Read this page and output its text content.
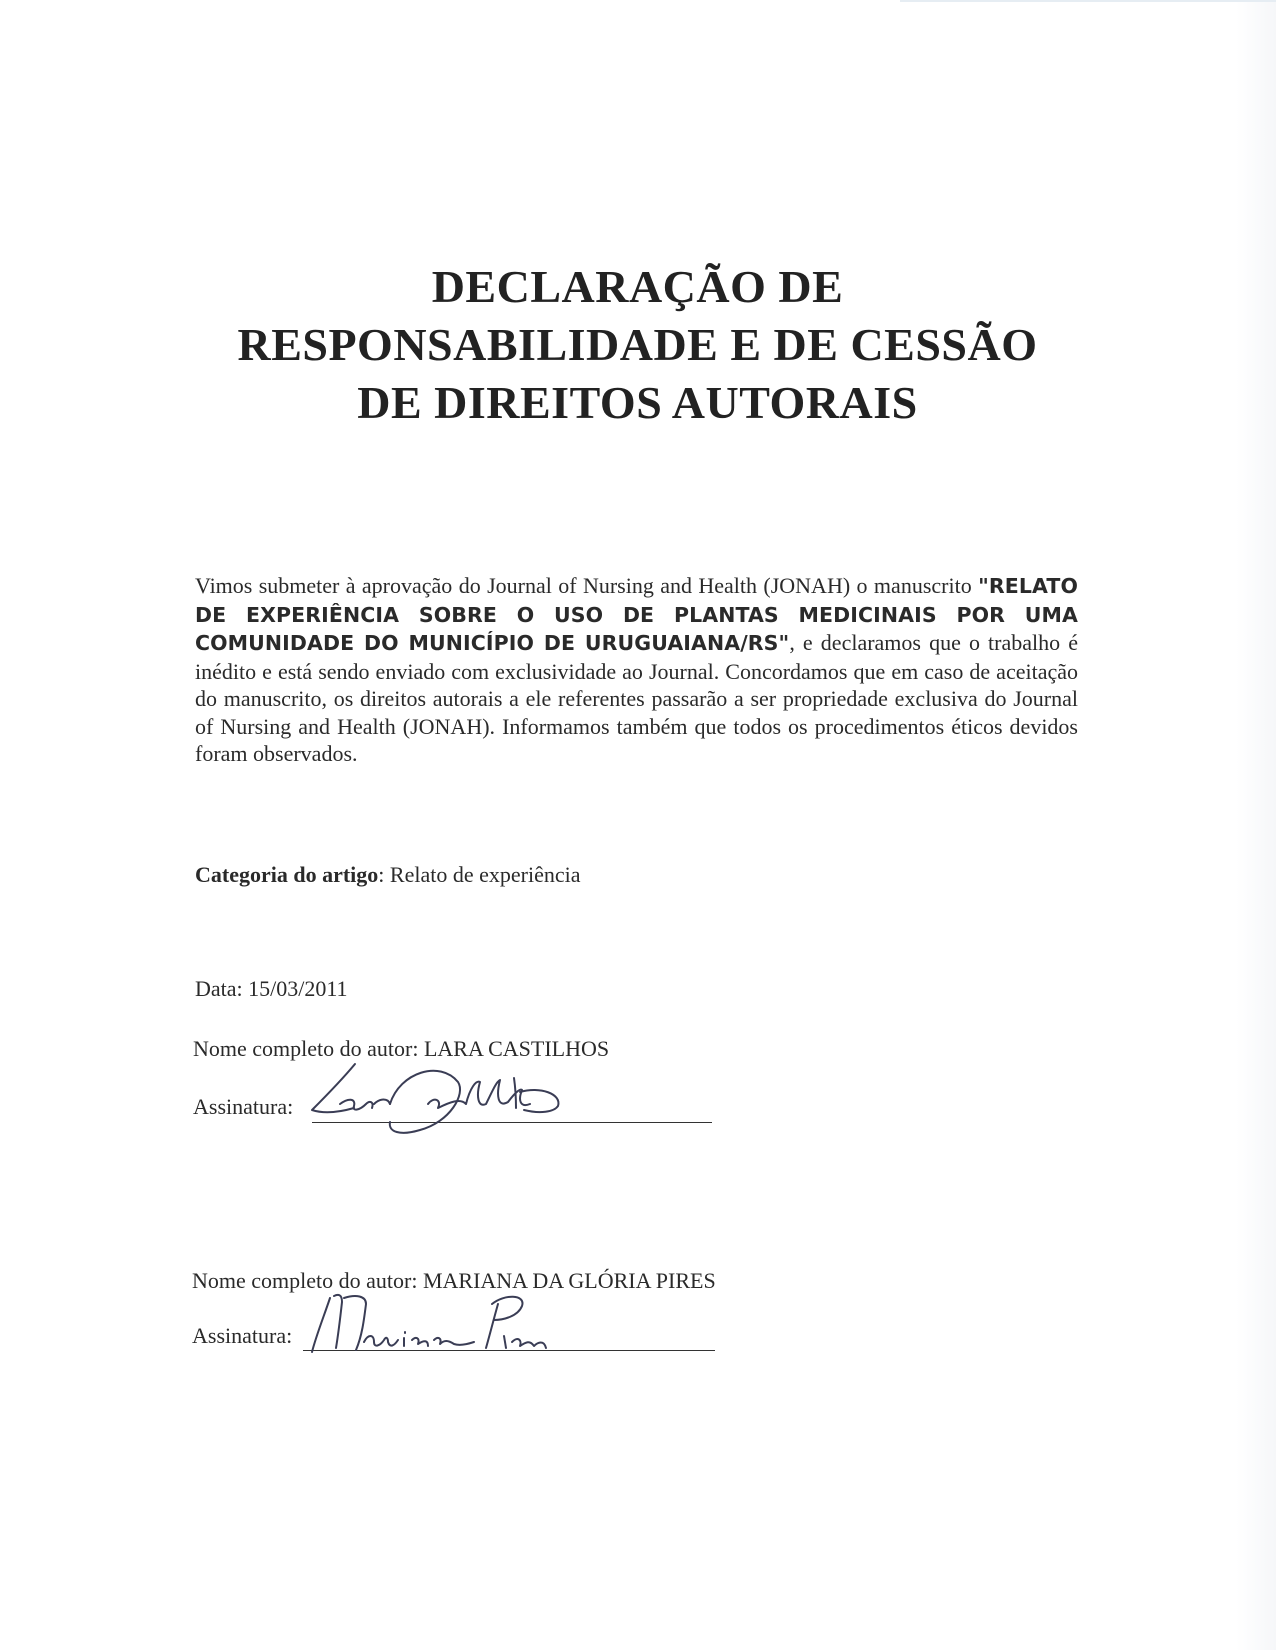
DECLARAÇÃO DE
RESPONSABILIDADE E DE CESSÃO
DE DIREITOS AUTORAIS
Vimos submeter à aprovação do Journal of Nursing and Health (JONAH) o manuscrito "RELATO DE EXPERIÊNCIA SOBRE O USO DE PLANTAS MEDICINAIS POR UMA COMUNIDADE DO MUNICÍPIO DE URUGUAIANA/RS", e declaramos que o trabalho é inédito e está sendo enviado com exclusividade ao Journal. Concordamos que em caso de aceitação do manuscrito, os direitos autorais a ele referentes passarão a ser propriedade exclusiva do Journal of Nursing and Health (JONAH). Informamos também que todos os procedimentos éticos devidos foram observados.
Categoria do artigo: Relato de experiência
Data: 15/03/2011
Nome completo do autor: LARA CASTILHOS
Assinatura:
Nome completo do autor: MARIANA DA GLÓRIA PIRES
Assinatura:
